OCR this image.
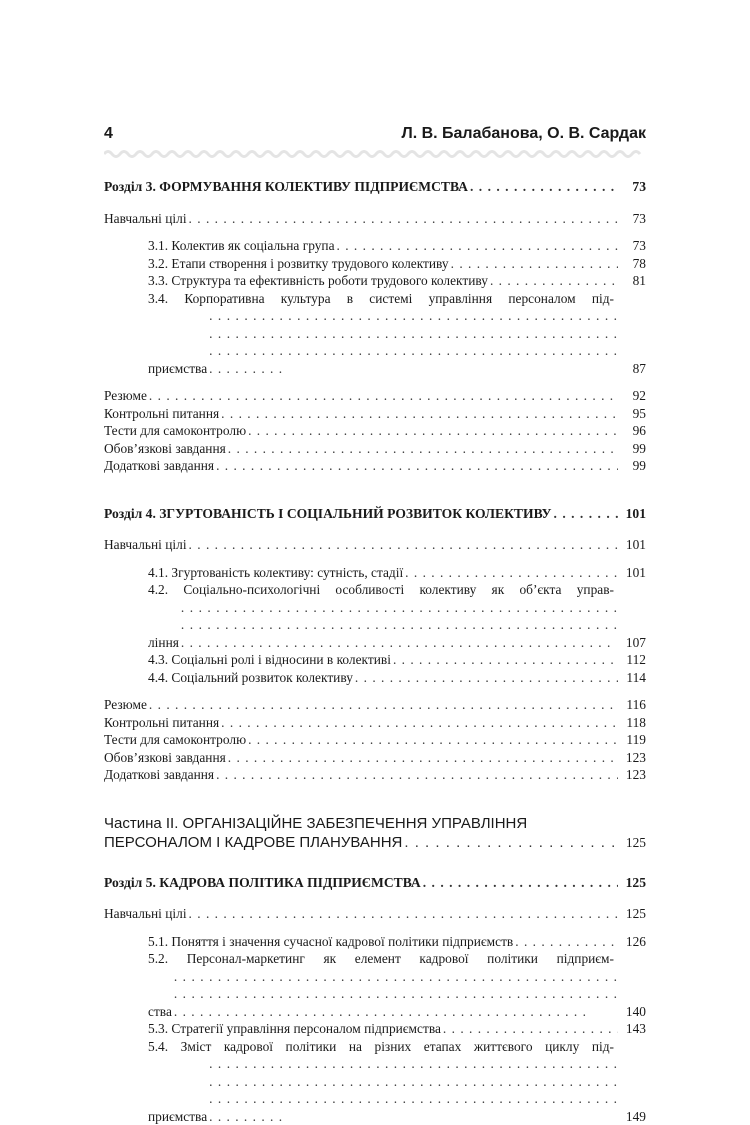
4	Л. В. Балабанова, О. В. Сардак
Розділ 3. ФОРМУВАННЯ КОЛЕКТИВУ ПІДПРИЄМСТВА . . .	73
Навчальні цілі . . .	73
3.1. Колектив як соціальна група . . .	73
3.2. Етапи створення і розвитку трудового колективу . . .	78
3.3. Структура та ефективність роботи трудового колективу . . .	81
3.4. Корпоративна культура в системі управління персоналом під-
приємства . . .	87
Резюме . . .	92
Контрольні питання . . .	95
Тести для самоконтролю . . .	96
Обов’язкові завдання . . .	99
Додаткові завдання . . .	99
Розділ 4. ЗГУРТОВАНІСТЬ І СОЦІАЛЬНИЙ РОЗВИТОК КОЛЕКТИВУ . . .	101
Навчальні цілі . . .	101
4.1. Згуртованість колективу: сутність, стадії . . .	101
4.2. Соціально-психологічні особливості колективу як об’єкта управ-
ління . . .	107
4.3. Соціальні ролі і відносини в колективі . . .	112
4.4. Соціальний розвиток колективу . . .	114
Резюме . . .	116
Контрольні питання . . .	118
Тести для самоконтролю . . .	119
Обов’язкові завдання . . .	123
Додаткові завдання . . .	123
Частина ІІ. ОРГАНІЗАЦІЙНЕ ЗАБЕЗПЕЧЕННЯ УПРАВЛІННЯ
ПЕРСОНАЛОМ І КАДРОВЕ ПЛАНУВАННЯ . . .	125
Розділ 5. КАДРОВА ПОЛІТИКА ПІДПРИЄМСТВА . . .	125
Навчальні цілі . . .	125
5.1. Поняття і значення сучасної кадрової політики підприємств . . .	126
5.2. Персонал-маркетинг як елемент кадрової політики підприєм-
ства . . .	140
5.3. Стратегії управління персоналом підприємства . . .	143
5.4. Зміст кадрової політики на різних етапах життєвого циклу під-
приємства . . .	149
